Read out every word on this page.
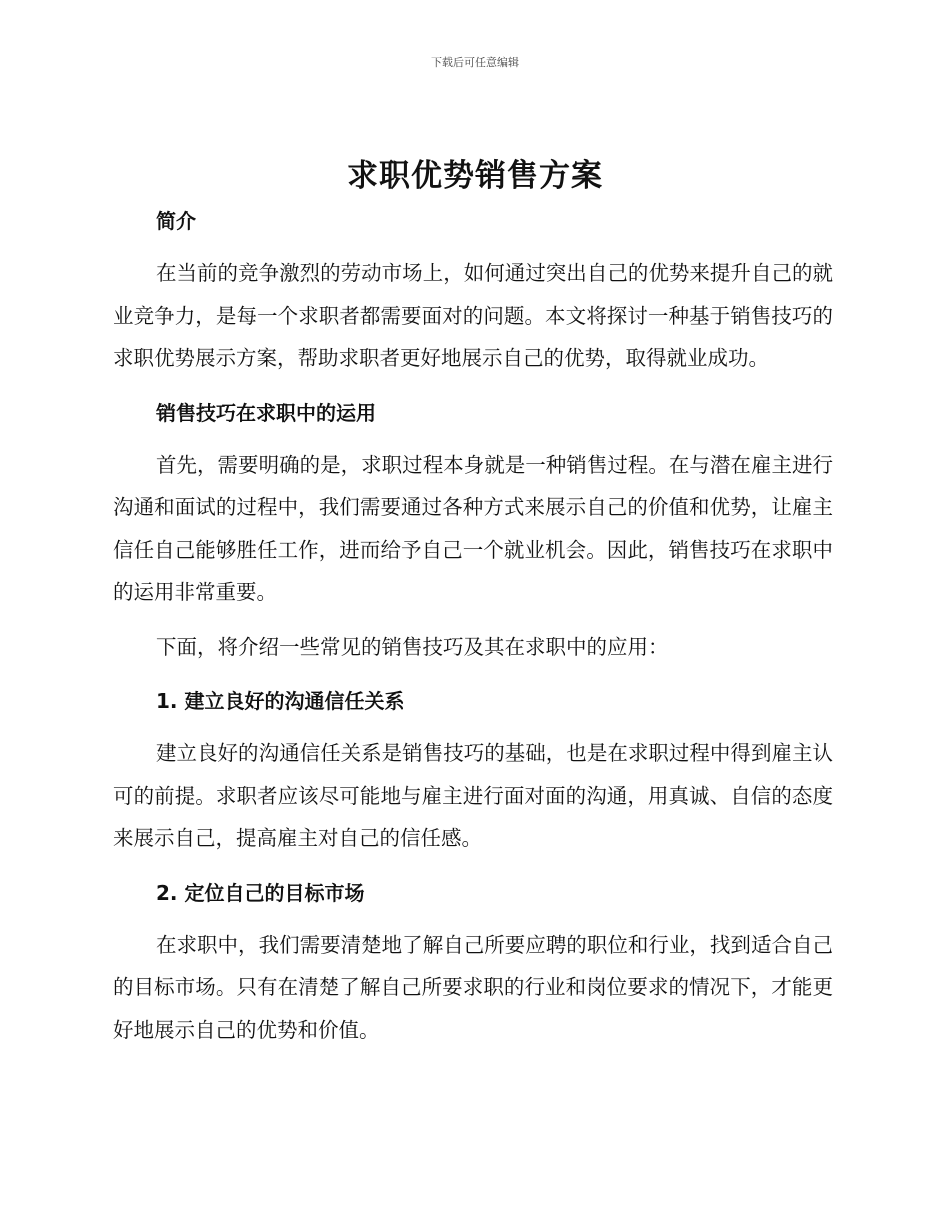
下载后可任意编辑
求职优势销售方案
简介

在当前的竞争激烈的劳动市场上，如何通过突出自己的优势来提升自己的就业竞争力，是每一个求职者都需要面对的问题。本文将探讨一种基于销售技巧的求职优势展示方案，帮助求职者更好地展示自己的优势，取得就业成功。

销售技巧在求职中的运用

首先，需要明确的是，求职过程本身就是一种销售过程。在与潜在雇主进行沟通和面试的过程中，我们需要通过各种方式来展示自己的价值和优势，让雇主信任自己能够胜任工作，进而给予自己一个就业机会。因此，销售技巧在求职中的运用非常重要。

下面，将介绍一些常见的销售技巧及其在求职中的应用：

1. 建立良好的沟通信任关系

建立良好的沟通信任关系是销售技巧的基础，也是在求职过程中得到雇主认可的前提。求职者应该尽可能地与雇主进行面对面的沟通，用真诚、自信的态度来展示自己，提高雇主对自己的信任感。

2. 定位自己的目标市场

在求职中，我们需要清楚地了解自己所要应聘的职位和行业，找到适合自己的目标市场。只有在清楚了解自己所要求职的行业和岗位要求的情况下，才能更好地展示自己的优势和价值。
